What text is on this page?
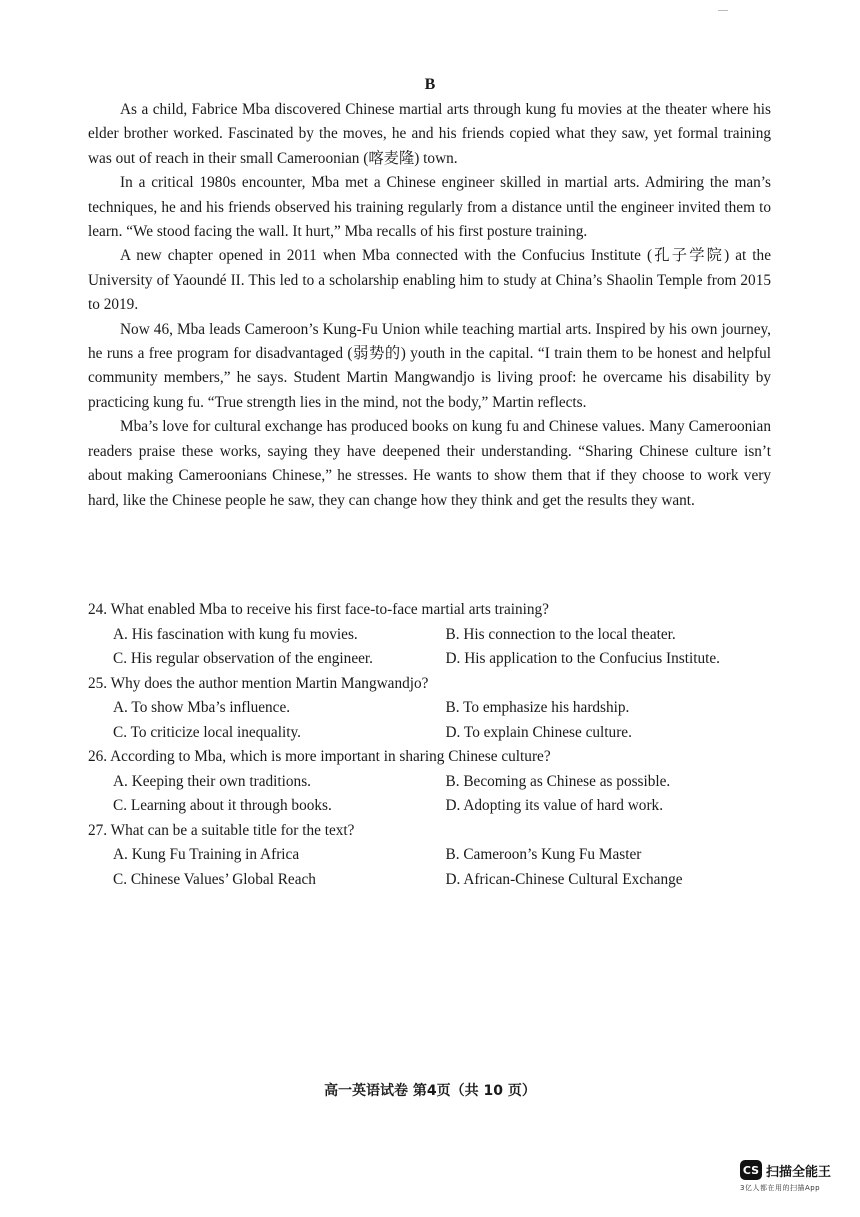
B

As a child, Fabrice Mba discovered Chinese martial arts through kung fu movies at the theater where his elder brother worked. Fascinated by the moves, he and his friends copied what they saw, yet formal training was out of reach in their small Cameroonian (喀麦隆) town.

In a critical 1980s encounter, Mba met a Chinese engineer skilled in martial arts. Admiring the man’s techniques, he and his friends observed his training regularly from a distance until the engineer invited them to learn. “We stood facing the wall. It hurt,” Mba recalls of his first posture training.

A new chapter opened in 2011 when Mba connected with the Confucius Institute (孔子学院) at the University of Yaoundé II. This led to a scholarship enabling him to study at China’s Shaolin Temple from 2015 to 2019.

Now 46, Mba leads Cameroon’s Kung-Fu Union while teaching martial arts. Inspired by his own journey, he runs a free program for disadvantaged (弱势的) youth in the capital. “I train them to be honest and helpful community members,” he says. Student Martin Mangwandjo is living proof: he overcame his disability by practicing kung fu. “True strength lies in the mind, not the body,” Martin reflects.

Mba’s love for cultural exchange has produced books on kung fu and Chinese values. Many Cameroonian readers praise these works, saying they have deepened their understanding. “Sharing Chinese culture isn’t about making Cameroonians Chinese,” he stresses. He wants to show them that if they choose to work very hard, like the Chinese people he saw, they can change how they think and get the results they want.

24. What enabled Mba to receive his first face-to-face martial arts training?
A. His fascination with kung fu movies.	B. His connection to the local theater.
C. His regular observation of the engineer.	D. His application to the Confucius Institute.
25. Why does the author mention Martin Mangwandjo?
A. To show Mba’s influence.	B. To emphasize his hardship.
C. To criticize local inequality.	D. To explain Chinese culture.
26. According to Mba, which is more important in sharing Chinese culture?
A. Keeping their own traditions.	B. Becoming as Chinese as possible.
C. Learning about it through books.	D. Adopting its value of hard work.
27. What can be a suitable title for the text?
A. Kung Fu Training in Africa	B. Cameroon’s Kung Fu Master
C. Chinese Values’ Global Reach	D. African-Chinese Cultural Exchange
高一英语试卷 第4页（共 10 页）
CS 扫描全能王
3亿人都在用的扫描App
